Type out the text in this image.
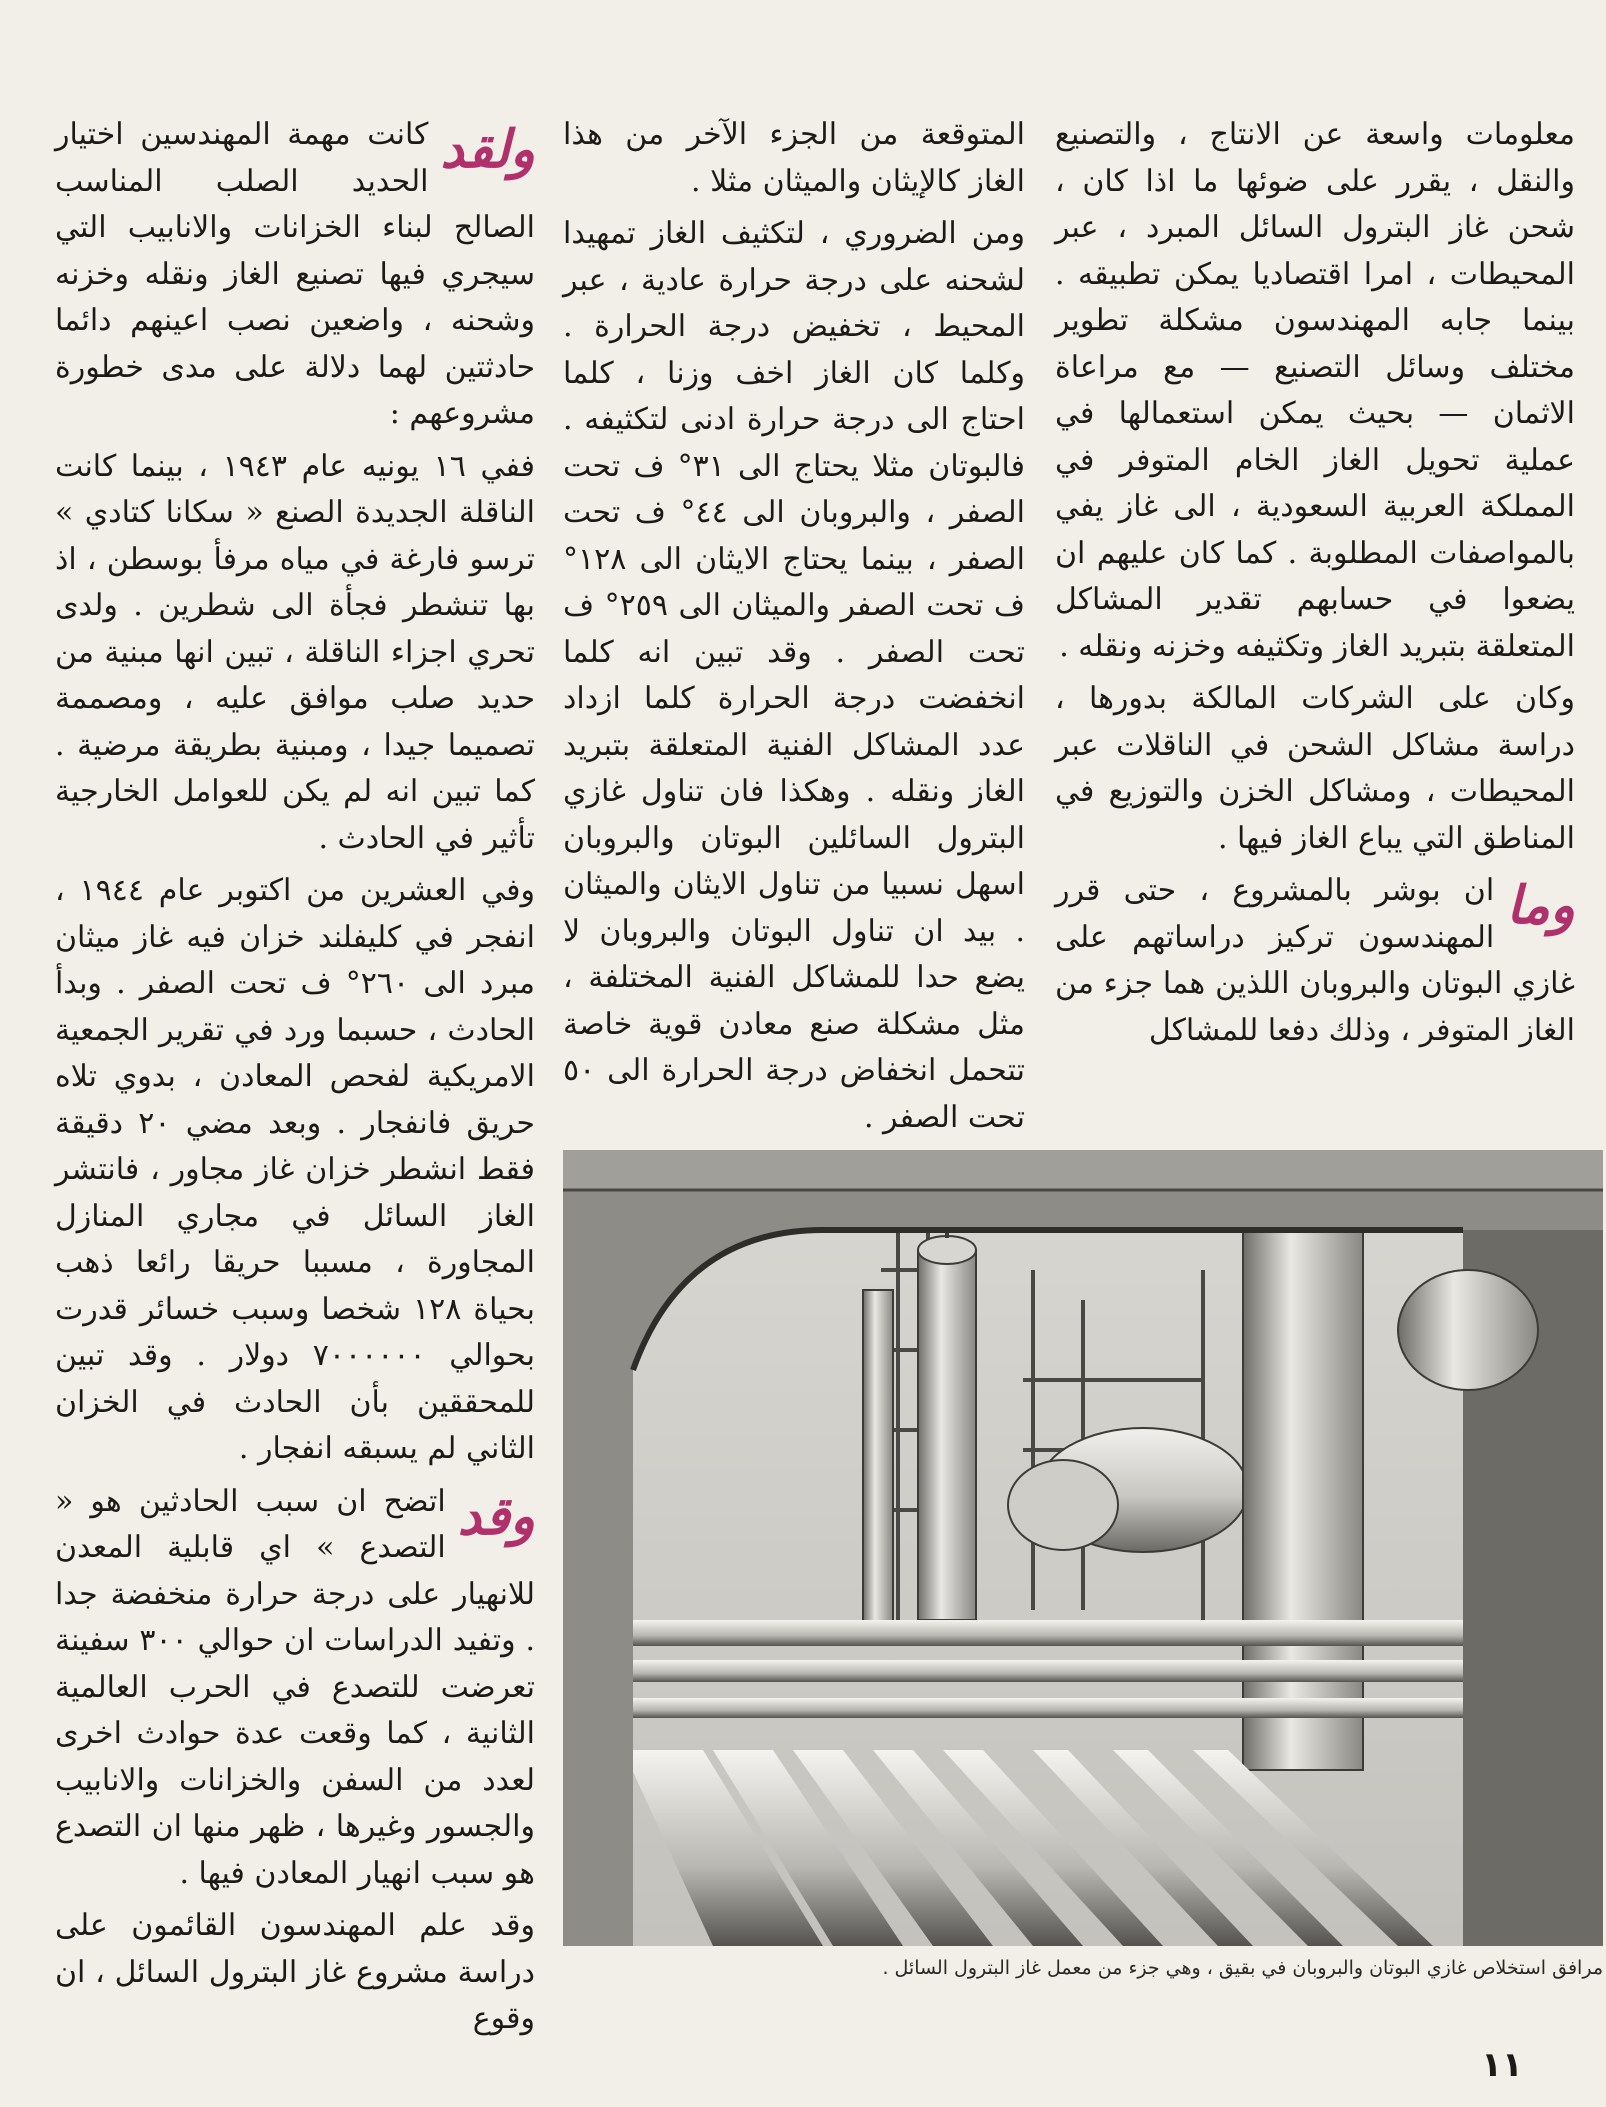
معلومات واسعة عن الانتاج ، والتصنيع والنقل ، يقرر على ضوئها ما اذا كان ، شحن غاز البترول السائل المبرد ، عبر المحيطات ، امرا اقتصاديا يمكن تطبيقه . بينما جابه المهندسون مشكلة تطوير مختلف وسائل التصنيع — مع مراعاة الاثمان — بحيث يمكن استعمالها في عملية تحويل الغاز الخام المتوفر في المملكة العربية السعودية ، الى غاز يفي بالمواصفات المطلوبة . كما كان عليهم ان يضعوا في حسابهم تقدير المشاكل المتعلقة بتبريد الغاز وتكثيفه وخزنه ونقله .

وكان على الشركات المالكة بدورها ، دراسة مشاكل الشحن في الناقلات عبر المحيطات ، ومشاكل الخزن والتوزيع في المناطق التي يباع الغاز فيها .

وما
ان بوشر بالمشروع ، حتى قرر المهندسون تركيز دراساتهم على غازي البوتان والبروبان اللذين هما جزء من الغاز المتوفر ، وذلك دفعا للمشاكل

المتوقعة من الجزء الآخر من هذا الغاز كالإيثان والميثان مثلا .

ومن الضروري ، لتكثيف الغاز تمهيدا لشحنه على درجة حرارة عادية ، عبر المحيط ، تخفيض درجة الحرارة . وكلما كان الغاز اخف وزنا ، كلما احتاج الى درجة حرارة ادنى لتكثيفه . فالبوتان مثلا يحتاج الى ٣١° ف تحت الصفر ، والبروبان الى ٤٤° ف تحت الصفر ، بينما يحتاج الايثان الى ١٢٨° ف تحت الصفر والميثان الى ٢٥٩° ف تحت الصفر . وقد تبين انه كلما انخفضت درجة الحرارة كلما ازداد عدد المشاكل الفنية المتعلقة بتبريد الغاز ونقله . وهكذا فان تناول غازي البترول السائلين البوتان والبروبان اسهل نسبيا من تناول الايثان والميثان . بيد ان تناول البوتان والبروبان لا يضع حدا للمشاكل الفنية المختلفة ، مثل مشكلة صنع معادن قوية خاصة تتحمل انخفاض درجة الحرارة الى ٥٠ تحت الصفر .

ولقد
كانت مهمة المهندسين اختيار الحديد الصلب المناسب الصالح لبناء الخزانات والانابيب التي سيجري فيها تصنيع الغاز ونقله وخزنه وشحنه ، واضعين نصب اعينهم دائما حادثتين لهما دلالة على مدى خطورة مشروعهم :

ففي ١٦ يونيه عام ١٩٤٣ ، بينما كانت الناقلة الجديدة الصنع « سكانا كتادي » ترسو فارغة في مياه مرفأ بوسطن ، اذ بها تنشطر فجأة الى شطرين . ولدى تحري اجزاء الناقلة ، تبين انها مبنية من حديد صلب موافق عليه ، ومصممة تصميما جيدا ، ومبنية بطريقة مرضية . كما تبين انه لم يكن للعوامل الخارجية تأثير في الحادث .

وفي العشرين من اكتوبر عام ١٩٤٤ ، انفجر في كليفلند خزان فيه غاز ميثان مبرد الى ٢٦٠° ف تحت الصفر . وبدأ الحادث ، حسبما ورد في تقرير الجمعية الامريكية لفحص المعادن ، بدوي تلاه حريق فانفجار . وبعد مضي ٢٠ دقيقة فقط انشطر خزان غاز مجاور ، فانتشر الغاز السائل في مجاري المنازل المجاورة ، مسببا حريقا رائعا ذهب بحياة ١٢٨ شخصا وسبب خسائر قدرت بحوالي ٧٠٠٠٠٠٠ دولار . وقد تبين للمحققين بأن الحادث في الخزان الثاني لم يسبقه انفجار .

وقد
اتضح ان سبب الحادثين هو « التصدع » اي قابلية المعدن للانهيار على درجة حرارة منخفضة جدا . وتفيد الدراسات ان حوالي ٣٠٠ سفينة تعرضت للتصدع في الحرب العالمية الثانية ، كما وقعت عدة حوادث اخرى لعدد من السفن والخزانات والانابيب والجسور وغيرها ، ظهر منها ان التصدع هو سبب انهيار المعادن فيها .

وقد علم المهندسون القائمون على دراسة مشروع غاز البترول السائل ، ان وقوع

مرافق استخلاص غازي البوتان والبروبان في بقيق ، وهي جزء من معمل غاز البترول السائل .
١١
